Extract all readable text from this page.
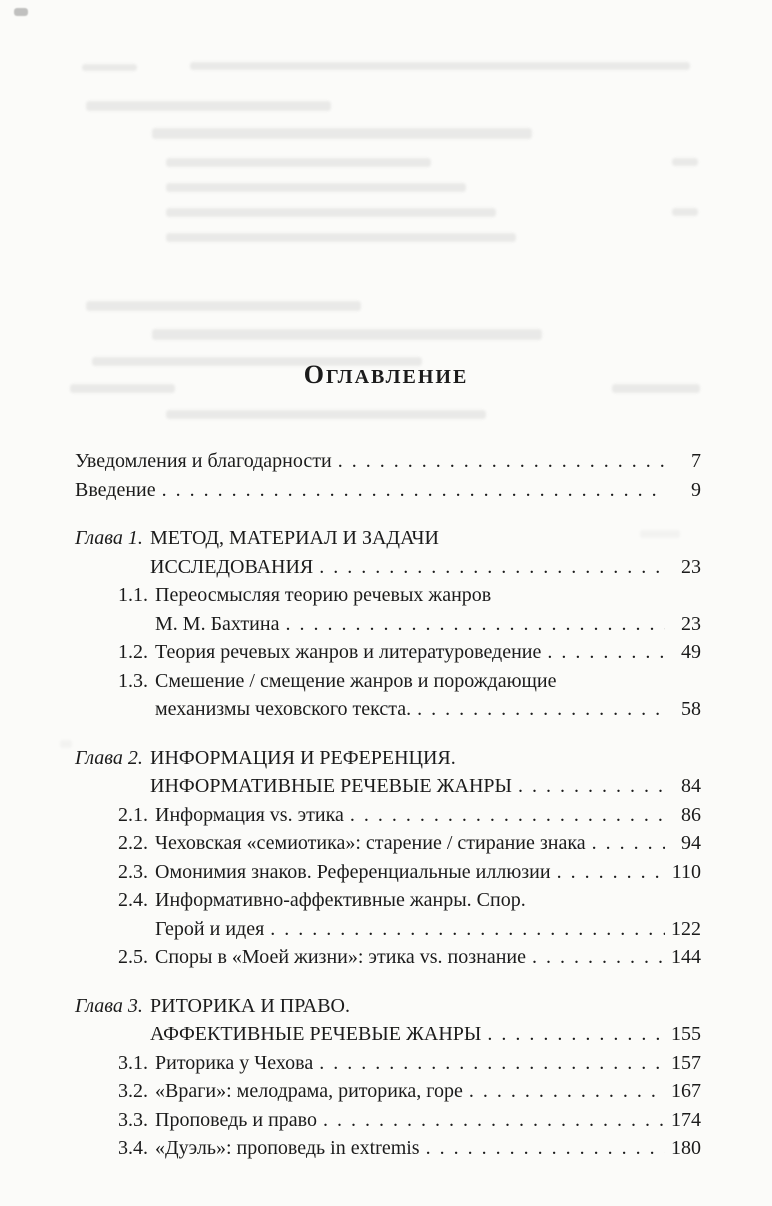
ОГЛАВЛЕНИЕ
Уведомления и благодарности . . .	7
Введение . . .	9
Глава 1. МЕТОД, МАТЕРИАЛ И ЗАДАЧИ
ИССЛЕДОВАНИЯ . . .	23
1.1. Переосмысляя теорию речевых жанров
М. М. Бахтина . . .	23
1.2. Теория речевых жанров и литературоведение . . .	49
1.3. Смешение / смещение жанров и порождающие
механизмы чеховского текста. . . .	58
Глава 2. ИНФОРМАЦИЯ И РЕФЕРЕНЦИЯ.
ИНФОРМАТИВНЫЕ РЕЧЕВЫЕ ЖАНРЫ . . .	84
2.1. Информация vs. этика . . .	86
2.2. Чеховская «семиотика»: старение / стирание знака . . .	94
2.3. Омонимия знаков. Референциальные иллюзии . . .	110
2.4. Информативно-аффективные жанры. Спор.
Герой и идея . . .	122
2.5. Споры в «Моей жизни»: этика vs. познание . . .	144
Глава 3. РИТОРИКА И ПРАВО.
АФФЕКТИВНЫЕ РЕЧЕВЫЕ ЖАНРЫ . . .	155
3.1. Риторика у Чехова . . .	157
3.2. «Враги»: мелодрама, риторика, горе . . .	167
3.3. Проповедь и право . . .	174
3.4. «Дуэль»: проповедь in extremis . . .	180
